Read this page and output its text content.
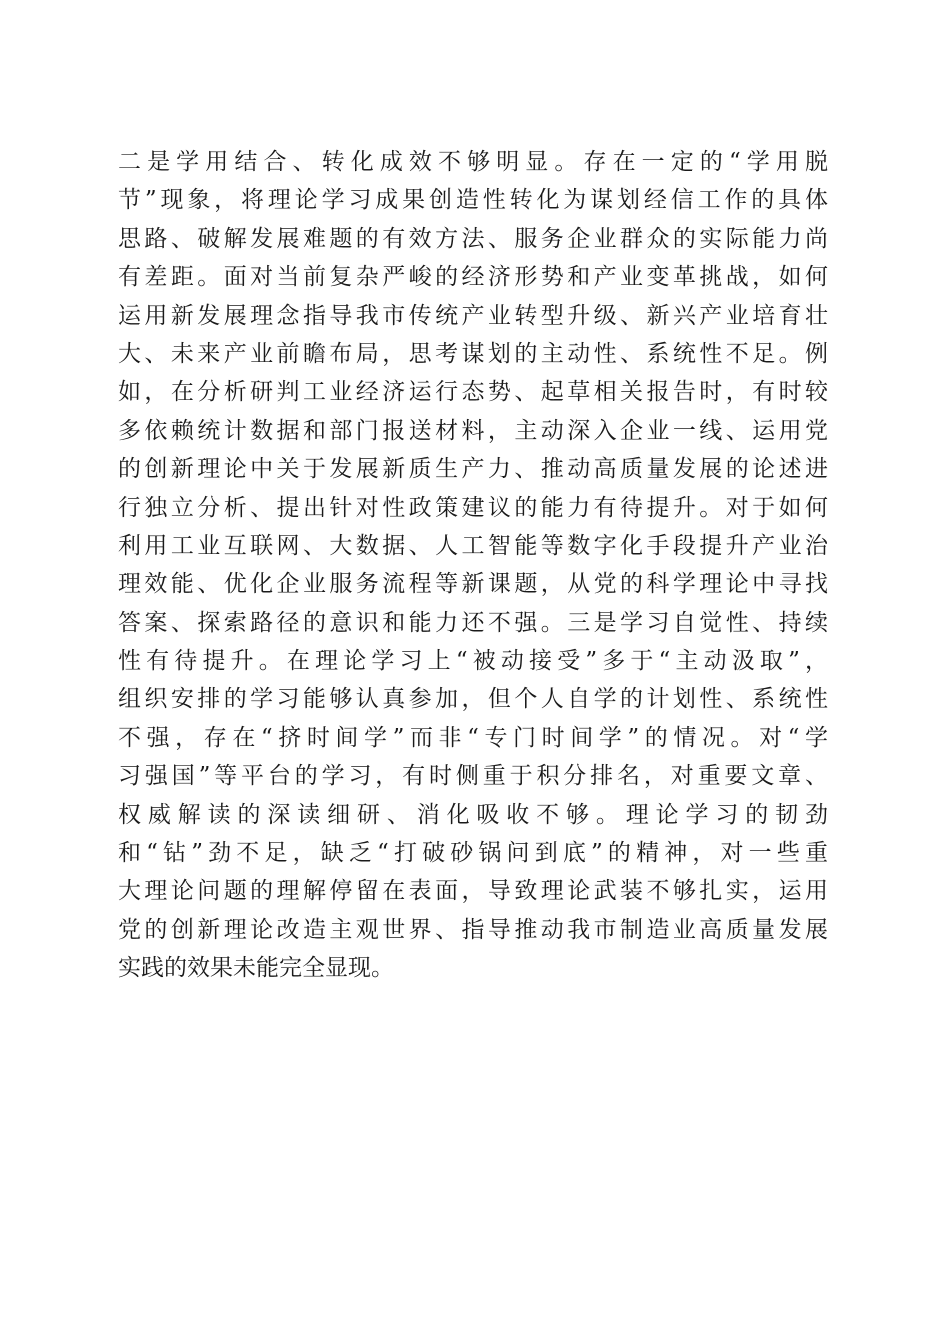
二是学用结合、转化成效不够明显。存在一定的“学用脱
节”现象，将理论学习成果创造性转化为谋划经信工作的具体
思路、破解发展难题的有效方法、服务企业群众的实际能力尚
有差距。面对当前复杂严峻的经济形势和产业变革挑战，如何
运用新发展理念指导我市传统产业转型升级、新兴产业培育壮
大、未来产业前瞻布局，思考谋划的主动性、系统性不足。例
如，在分析研判工业经济运行态势、起草相关报告时，有时较
多依赖统计数据和部门报送材料，主动深入企业一线、运用党
的创新理论中关于发展新质生产力、推动高质量发展的论述进
行独立分析、提出针对性政策建议的能力有待提升。对于如何
利用工业互联网、大数据、人工智能等数字化手段提升产业治
理效能、优化企业服务流程等新课题，从党的科学理论中寻找
答案、探索路径的意识和能力还不强。三是学习自觉性、持续
性有待提升。在理论学习上“被动接受”多于“主动汲取”，
组织安排的学习能够认真参加，但个人自学的计划性、系统性
不强，存在“挤时间学”而非“专门时间学”的情况。对“学
习强国”等平台的学习，有时侧重于积分排名，对重要文章、
权威解读的深读细研、消化吸收不够。理论学习的韧劲
和“钻”劲不足，缺乏“打破砂锅问到底”的精神，对一些重
大理论问题的理解停留在表面，导致理论武装不够扎实，运用
党的创新理论改造主观世界、指导推动我市制造业高质量发展
实践的效果未能完全显现。
